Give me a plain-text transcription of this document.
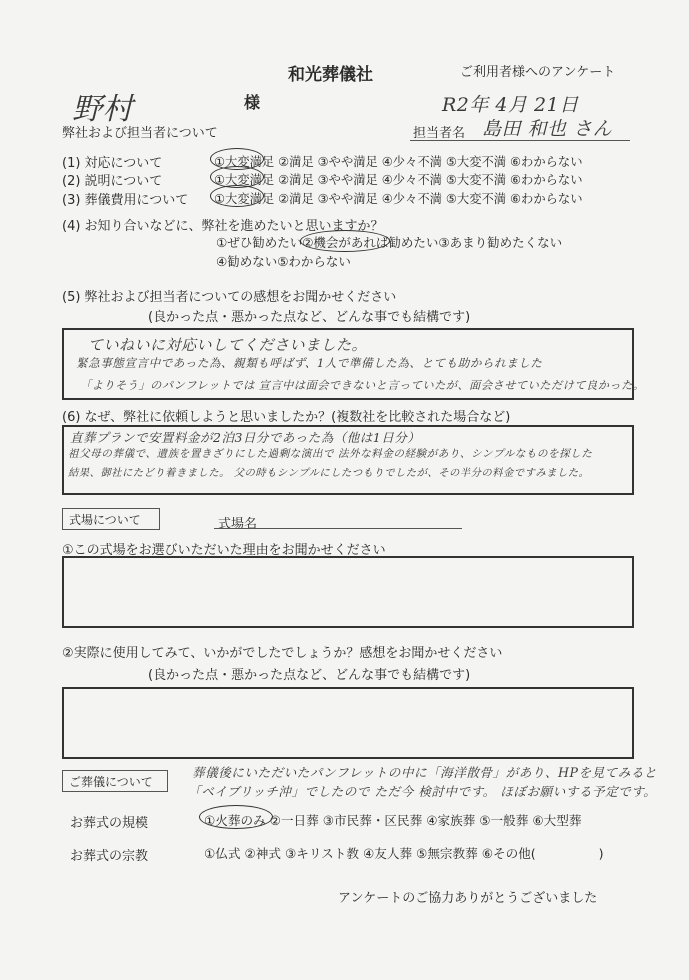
和光葬儀社	ご利用者様へのアンケート
野村	様	R2年 4月 21日
弊社および担当者について	担当者名 島田 和也 さん
(1) 対応について	①大変満足 ②満足 ③やや満足 ④少々不満 ⑤大変不満 ⑥わからない
(2) 説明について	①大変満足 ②満足 ③やや満足 ④少々不満 ⑤大変不満 ⑥わからない
(3) 葬儀費用について ①大変満足 ②満足 ③やや満足 ④少々不満 ⑤大変不満 ⑥わからない
(4) お知り合いなどに、弊社を進めたいと思いますか？
①ぜひ勧めたい②機会があれば勧めたい③あまり勧めたくない
④勧めない⑤わからない
(5) 弊社および担当者についての感想をお聞かせください
(良かった点・悪かった点など、どんな事でも結構です)
ていねいに対応いしてくださいました。
緊急事態宣言中であった為、親類も呼ばず、1人で準備した為、とても助かられました
「よりそう」のパンフレットでは 宣言中は面会できないと言っていたが、面会させていただけて良かった。
(6) なぜ、弊社に依頼しようと思いましたか？(複数社を比較された場合など)
直葬プランで安置料金が2泊3日分であった為（他は1日分）
祖父母の葬儀で、遺族を置きざりにした過剰な演出で 法外な料金の経験があり、シンプルなものを探した
結果、御社にたどり着きました。 父の時もシンプルにしたつもりでしたが、その半分の料金ですみました。
式場について	式場名
①この式場をお選びいただいた理由をお聞かせください
②実際に使用してみて、いかがでしたでしょうか？感想をお聞かせください
(良かった点・悪かった点など、どんな事でも結構です)
ご葬儀について
葬儀後にいただいたパンフレットの中に「海洋散骨」があり、HPを見てみると
「ベイブリッチ沖」でしたので ただ今 検討中です。 ほぼお願いする予定です。
お葬式の規模	①火葬のみ ②一日葬 ③市民葬・区民葬 ④家族葬 ⑤一般葬 ⑥大型葬
お葬式の宗教	①仏式 ②神式 ③キリスト教 ④友人葬 ⑤無宗教葬 ⑥その他(　　　　　)
アンケートのご協力ありがとうございました
